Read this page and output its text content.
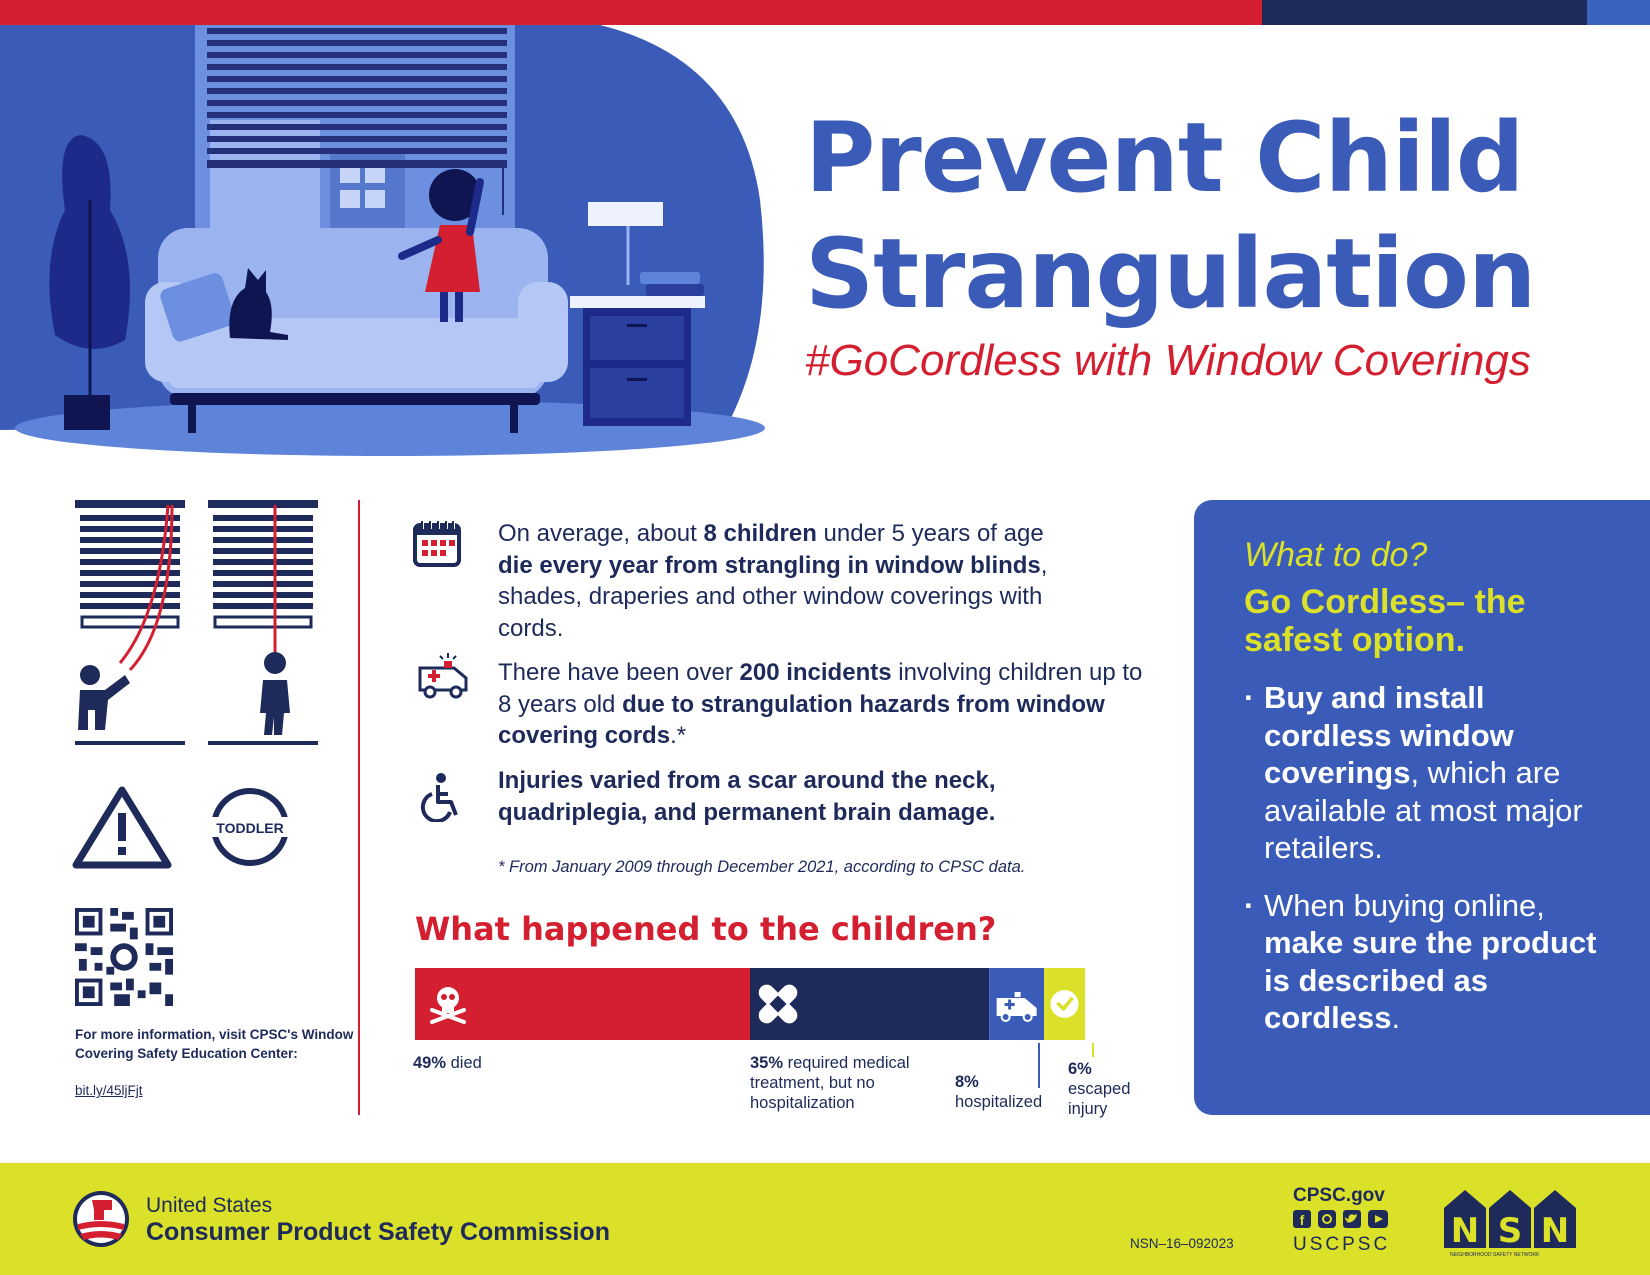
Prevent Child
Strangulation
#GoCordless with Window Coverings
TODDLER
For more information, visit CPSC's Window Covering Safety Education Center:
bit.ly/45ljFjt
On average, about 8 children under 5 years of age die every year from strangling in window blinds, shades, draperies and other window coverings with cords.
There have been over 200 incidents involving children up to 8 years old due to strangulation hazards from window covering cords.*
Injuries varied from a scar around the neck, quadriplegia, and permanent brain damage.
* From January 2009 through December 2021, according to CPSC data.
What happened to the children?
49% died	35% required medical treatment, but no hospitalization
8%
hospitalized
6%
escaped injury
What to do?
Go Cordless– the safest option.
· Buy and install cordless window coverings, which are available at most major retailers.
· When buying online, make sure the product is described as cordless.
United States
Consumer Product Safety Commission	NSN–16–092023
CPSC.gov
f
USCPSC N S N
NEIGHBORHOOD SAFETY NETWORK
